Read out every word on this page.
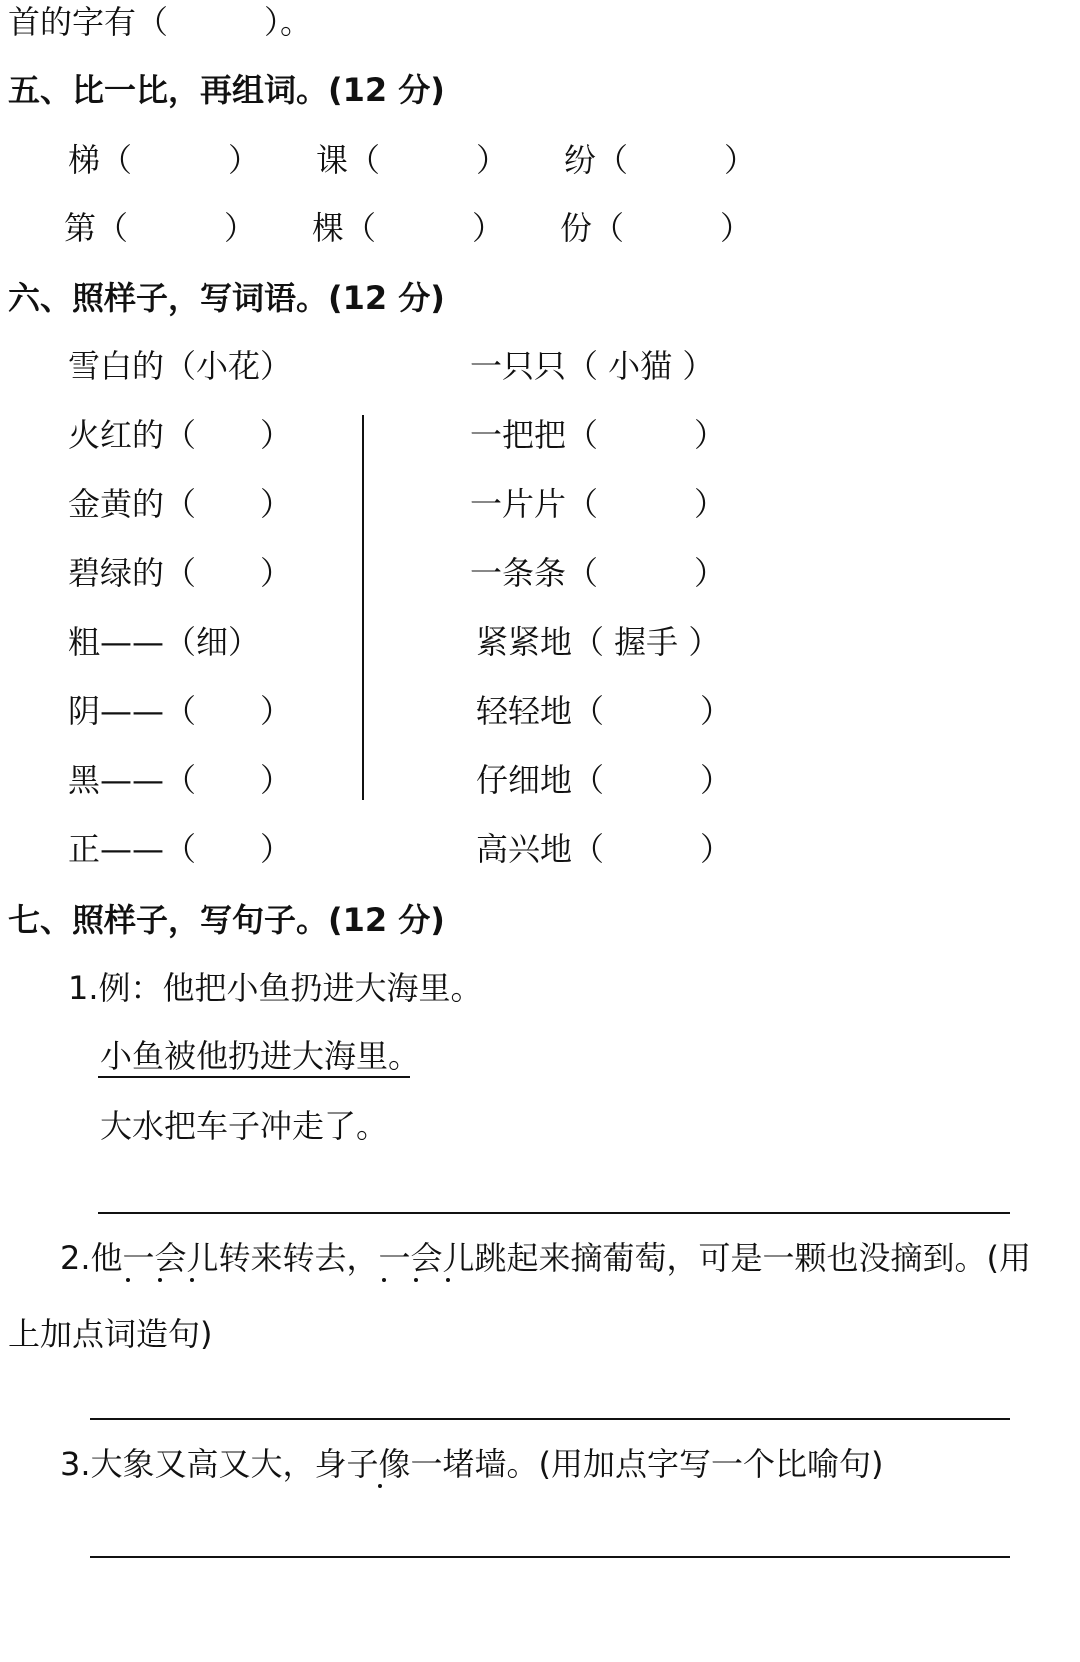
首的字有（　　　）。
五、比一比，再组词。(12 分)
梯（　　　） 课（　　　） 纷（　　　）
第（　　　） 棵（　　　） 份（　　　）
六、照样子，写词语。(12 分)
雪白的（小花）
火红的（　　）
金黄的（　　）
碧绿的（　　）
粗——（细）
阴——（　　）
黑——（　　）
正——（　　）
一只只（ 小猫 ）
一把把（　　　）
一片片（　　　）
一条条（　　　）
紧紧地（ 握手 ）
轻轻地（　　　）
仔细地（　　　）
高兴地（　　　）
七、照样子，写句子。(12 分)
1.例：他把小鱼扔进大海里。
小鱼被他扔进大海里。
大水把车子冲走了。
2.他一会儿转来转去，一会儿跳起来摘葡萄，可是一颗也没摘到。(用
上加点词造句)
3.大象又高又大，身子像一堵墙。(用加点字写一个比喻句)
